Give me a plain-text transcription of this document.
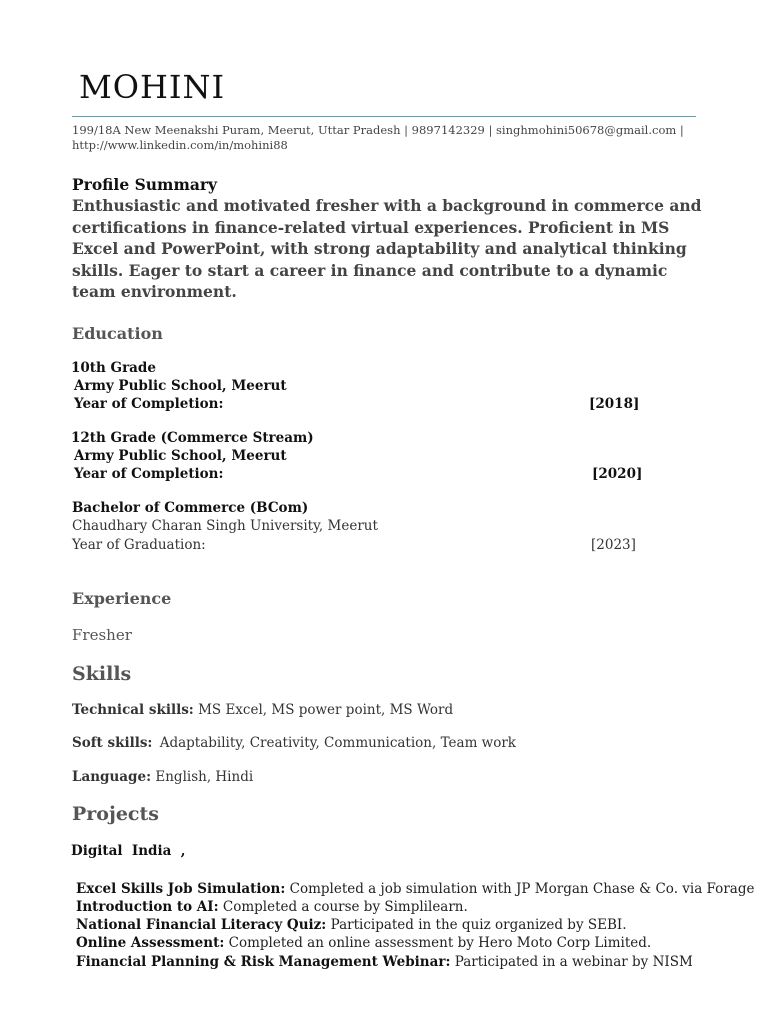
MOHINI
199/18A New Meenakshi Puram, Meerut, Uttar Pradesh | 9897142329 | singhmohini50678@gmail.com | http://www.linkedin.com/in/mohini88
Profile Summary
Enthusiastic and motivated fresher with a background in commerce and certifications in finance-related virtual experiences. Proficient in MS Excel and PowerPoint, with strong adaptability and analytical thinking skills. Eager to start a career in finance and contribute to a dynamic team environment.
Education
10th Grade
Army Public School, Meerut
Year of Completion:	[2018]
12th Grade (Commerce Stream)
Army Public School, Meerut
Year of Completion:	[2020]
Bachelor of Commerce (BCom)
Chaudhary Charan Singh University, Meerut
Year of Graduation:	[2023]
Experience
Fresher
Skills
Technical skills: MS Excel, MS power point, MS Word
Soft skills: Adaptability, Creativity, Communication, Team work
Language: English, Hindi
Projects
Digital  India  ,
Excel Skills Job Simulation: Completed a job simulation with JP Morgan Chase & Co. via Forage
Introduction to AI: Completed a course by Simplilearn.
National Financial Literacy Quiz: Participated in the quiz organized by SEBI.
Online Assessment: Completed an online assessment by Hero Moto Corp Limited.
Financial Planning & Risk Management Webinar: Participated in a webinar by NISM
